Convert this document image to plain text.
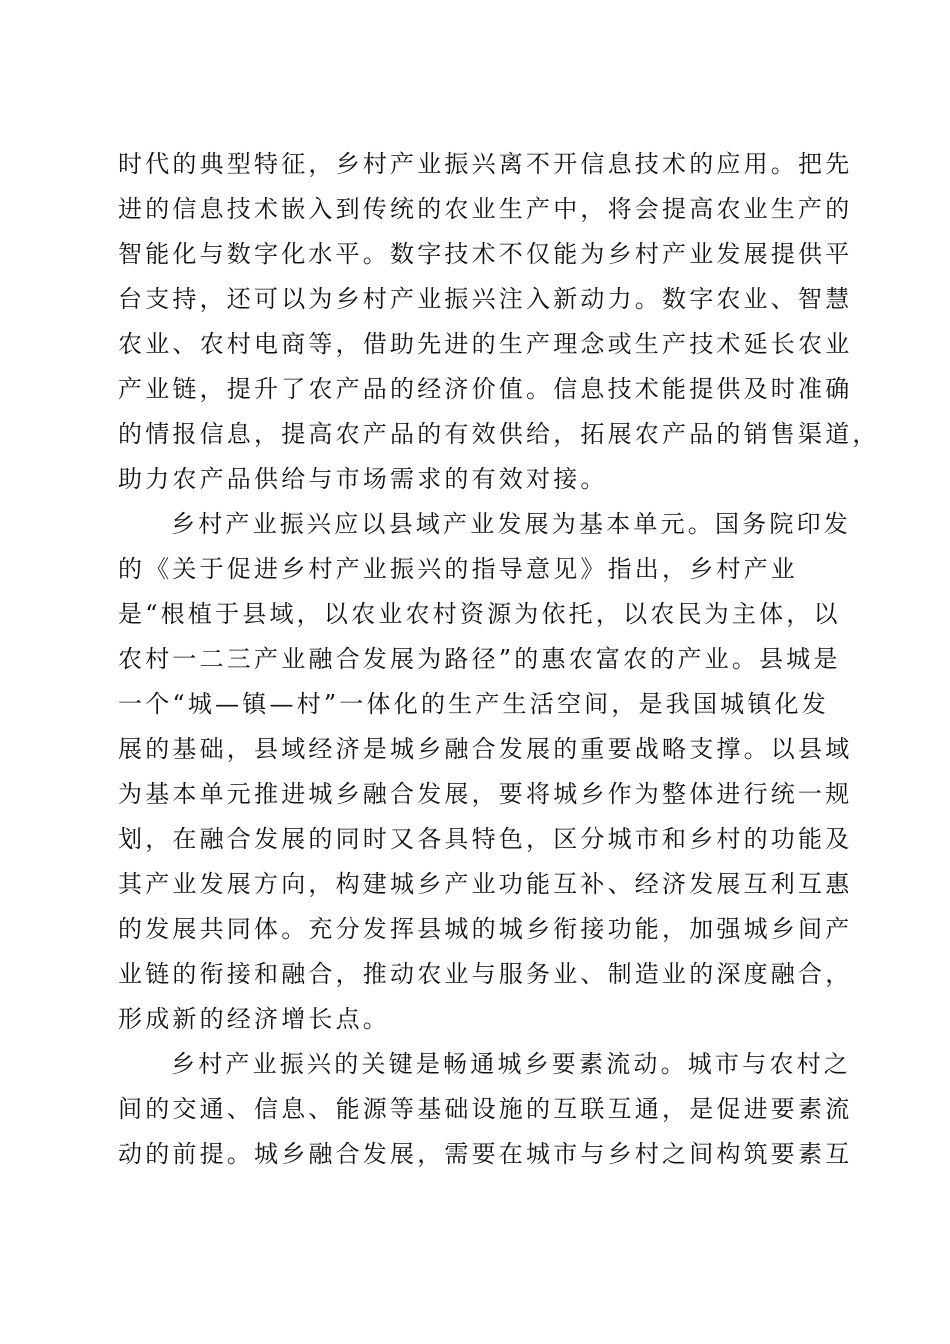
时代的典型特征，乡村产业振兴离不开信息技术的应用。把先
进的信息技术嵌入到传统的农业生产中，将会提高农业生产的
智能化与数字化水平。数字技术不仅能为乡村产业发展提供平
台支持，还可以为乡村产业振兴注入新动力。数字农业、智慧
农业、农村电商等，借助先进的生产理念或生产技术延长农业
产业链，提升了农产品的经济价值。信息技术能提供及时准确
的情报信息，提高农产品的有效供给，拓展农产品的销售渠道，
助力农产品供给与市场需求的有效对接。
乡村产业振兴应以县域产业发展为基本单元。国务院印发
的《关于促进乡村产业振兴的指导意见》指出，乡村产业
是“根植于县域，以农业农村资源为依托，以农民为主体，以
农村一二三产业融合发展为路径”的惠农富农的产业。县城是
一个“城—镇—村”一体化的生产生活空间，是我国城镇化发
展的基础，县域经济是城乡融合发展的重要战略支撑。以县域
为基本单元推进城乡融合发展，要将城乡作为整体进行统一规
划，在融合发展的同时又各具特色，区分城市和乡村的功能及
其产业发展方向，构建城乡产业功能互补、经济发展互利互惠
的发展共同体。充分发挥县城的城乡衔接功能，加强城乡间产
业链的衔接和融合，推动农业与服务业、制造业的深度融合，
形成新的经济增长点。
乡村产业振兴的关键是畅通城乡要素流动。城市与农村之
间的交通、信息、能源等基础设施的互联互通，是促进要素流
动的前提。城乡融合发展，需要在城市与乡村之间构筑要素互
